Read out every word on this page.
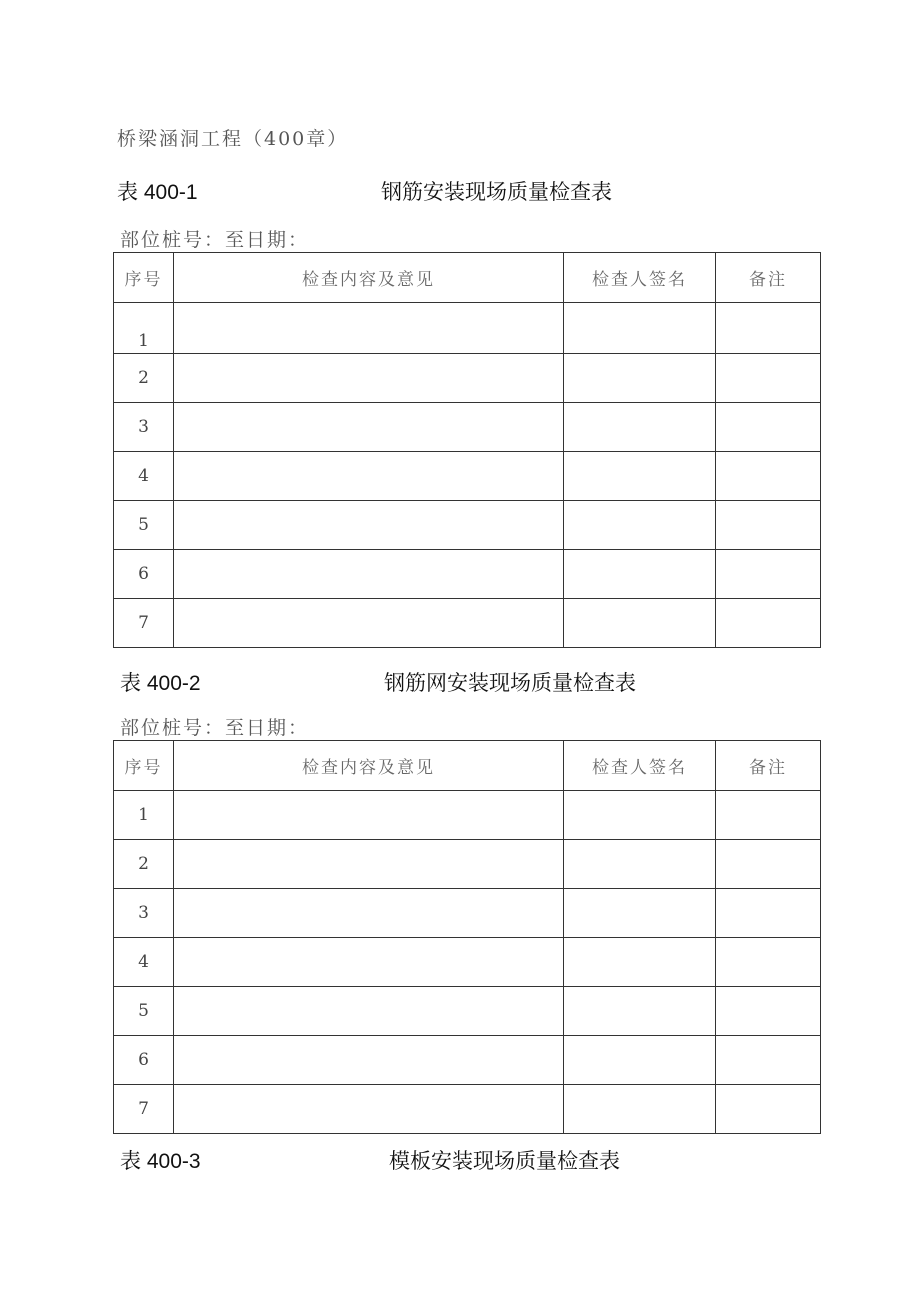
桥梁涵洞工程（400章）
表 400-1	钢筋安装现场质量检查表
部位桩号：至日期：
序号	检查内容及意见	检查人签名	备注
1			
2			
3			
4			
5			
6			
7			
表 400-2	钢筋网安装现场质量检查表
部位桩号：至日期：
序号	检查内容及意见	检查人签名	备注
1			
2			
3			
4			
5			
6			
7			
表 400-3	模板安装现场质量检查表
